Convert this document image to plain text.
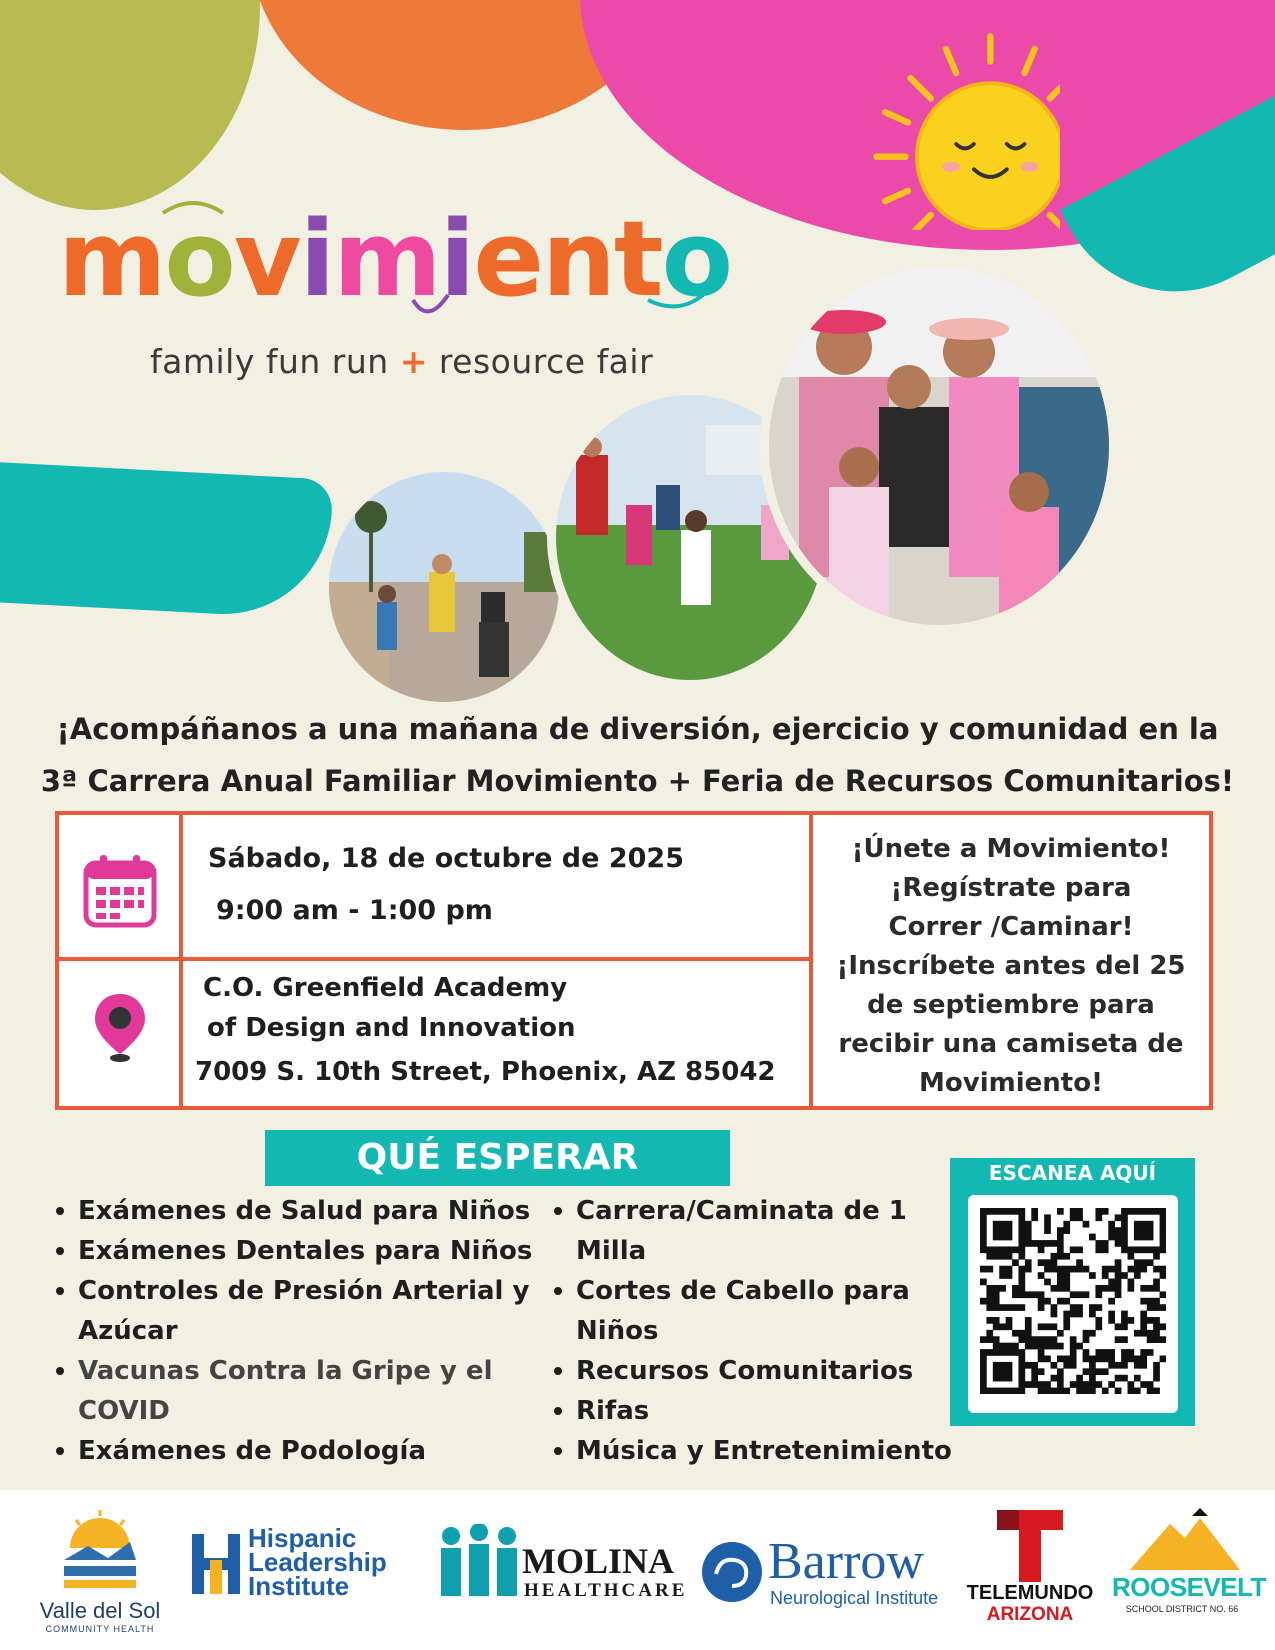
movimiento
family fun run + resource fair
¡Acompáñanos a una mañana de diversión, ejercicio y comunidad en la
3ª Carrera Anual Familiar Movimiento + Feria de Recursos Comunitarios!
Sábado, 18 de octubre de 2025
9:00 am - 1:00 pm
C.O. Greenfield Academy
of Design and Innovation
7009 S. 10th Street, Phoenix, AZ 85042
¡Únete a Movimiento!
¡Regístrate para
Correr /Caminar!
¡Inscríbete antes del 25
de septiembre para
recibir una camiseta de
Movimiento!
QUÉ ESPERAR
Exámenes de Salud para Niños
Exámenes Dentales para Niños
Controles de Presión Arterial y Azúcar
Vacunas Contra la Gripe y el COVID
Exámenes de Podología
Carrera/Caminata de 1 Milla
Cortes de Cabello para Niños
Recursos Comunitarios
Rifas
Música y Entretenimiento
ESCANEA AQUÍ
Valle del Sol
COMMUNITY HEALTH
Hispanic
Leadership
Institute
MOLINA
HEALTHCARE
Barrow
Neurological Institute	TELEMUNDO
ARIZONA
ROOSEVELT
SCHOOL DISTRICT NO. 66
